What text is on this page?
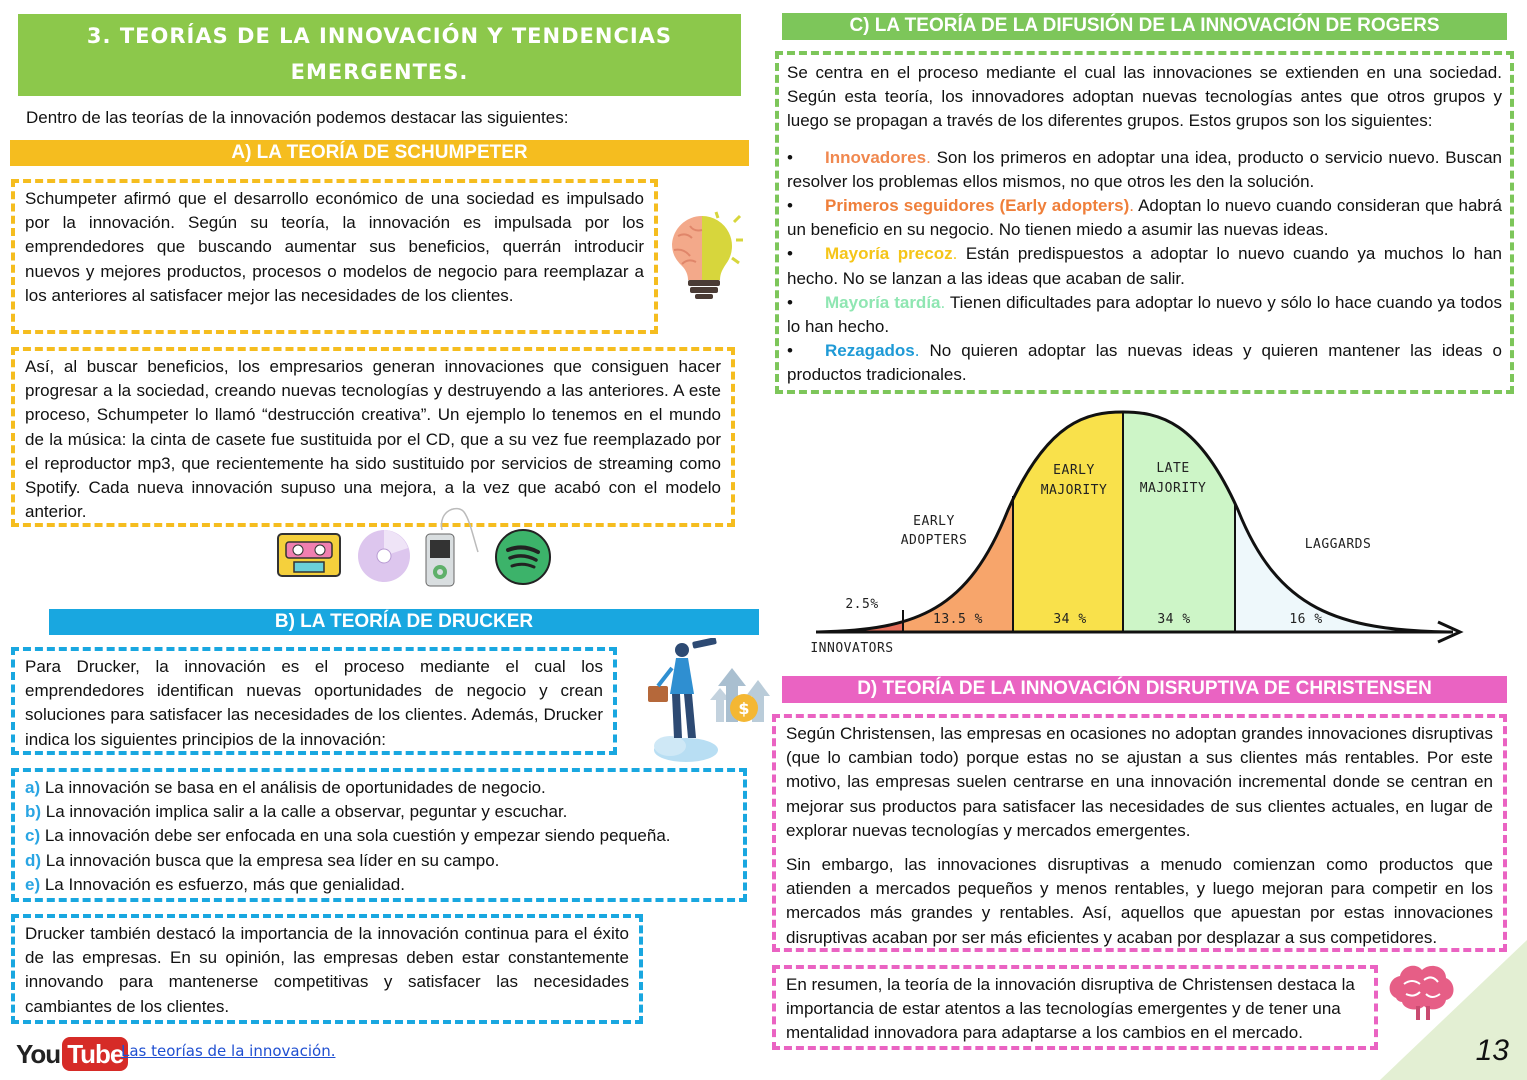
3. TEORÍAS DE LA INNOVACIÓN Y TENDENCIAS
EMERGENTES.
Dentro de las teorías de la innovación podemos destacar las siguientes:
A) LA TEORÍA DE SCHUMPETER
Schumpeter afirmó que el desarrollo económico de una sociedad es impulsado por la innovación. Según su teoría, la innovación es impulsada por los emprendedores que buscando aumentar sus beneficios, querrán introducir nuevos y mejores productos, procesos o modelos de negocio para reemplazar a los anteriores al satisfacer mejor las necesidades de los clientes.
Así, al buscar beneficios, los empresarios generan innovaciones que consiguen hacer progresar a la sociedad, creando nuevas tecnologías y destruyendo a las anteriores. A este proceso, Schumpeter lo llamó “destrucción creativa”. Un ejemplo lo tenemos en el mundo de la música: la cinta de casete fue sustituida por el CD, que a su vez fue reemplazado por el reproductor mp3, que recientemente ha sido sustituido por servicios de streaming como Spotify. Cada nueva innovación supuso una mejora, a la vez que acabó con el modelo anterior.
B) LA TEORÍA DE DRUCKER
Para Drucker, la innovación es el proceso mediante el cual los emprendedores identifican nuevas oportunidades de negocio y crean soluciones para satisfacer las necesidades de los clientes. Además, Drucker indica los siguientes principios de la innovación:
$
a) La innovación se basa en el análisis de oportunidades de negocio.
b) La innovación implica salir a la calle a observar, peguntar y escuchar.
c) La innovación debe ser enfocada en una sola cuestión y empezar siendo pequeña.
d) La innovación busca que la empresa sea líder en su campo.
e) La Innovación es esfuerzo, más que genialidad.
Drucker también destacó la importancia de la innovación continua para el éxito de las empresas. En su opinión, las empresas deben estar constantemente innovando para mantenerse competitivas y satisfacer las necesidades cambiantes de los clientes.
You Tube
Las teorías de la innovación.
C) LA TEORÍA DE LA DIFUSIÓN DE LA INNOVACIÓN DE ROGERS
Se centra en el proceso mediante el cual las innovaciones se extienden en una sociedad. Según esta teoría, los innovadores adoptan nuevas tecnologías antes que otros grupos y luego se propagan a través de los diferentes grupos. Estos grupos son los siguientes:
• Innovadores. Son los primeros en adoptar una idea, producto o servicio nuevo. Buscan resolver los problemas ellos mismos, no que otros les den la solución.
• Primeros seguidores (Early adopters). Adoptan lo nuevo cuando consideran que habrá un beneficio en su negocio. No tienen miedo a asumir las nuevas ideas.
• Mayoría precoz. Están predispuestos a adoptar lo nuevo cuando ya muchos lo han hecho. No se lanzan a las ideas que acaban de salir.
• Mayoría tardía. Tienen dificultades para adoptar lo nuevo y sólo lo hace cuando ya todos lo han hecho.
• Rezagados. No quieren adoptar las nuevas ideas y quieren mantener las ideas o productos tradicionales.
EARLY
MAJORITY
LATE
MAJORITY
EARLY
ADOPTERS	LAGGARDS
INNOVATORS
2.5%
13.5 %	34 %	34 %	16 %
D) TEORÍA DE LA INNOVACIÓN DISRUPTIVA DE CHRISTENSEN
Según Christensen, las empresas en ocasiones no adoptan grandes innovaciones disruptivas (que lo cambian todo) porque estas no se ajustan a sus clientes más rentables. Por este motivo, las empresas suelen centrarse en una innovación incremental donde se centran en mejorar sus productos para satisfacer las necesidades de sus clientes actuales, en lugar de explorar nuevas tecnologías y mercados emergentes.
Sin embargo, las innovaciones disruptivas a menudo comienzan como productos que atienden a mercados pequeños y menos rentables, y luego mejoran para competir en los mercados más grandes y rentables. Así, aquellos que apuestan por estas innovaciones disruptivas acaban por ser más eficientes y acaban por desplazar a sus competidores.
En resumen, la teoría de la innovación disruptiva de Christensen destaca la importancia de estar atentos a las tecnologías emergentes y de tener una mentalidad innovadora para adaptarse a los cambios en el mercado.
13
